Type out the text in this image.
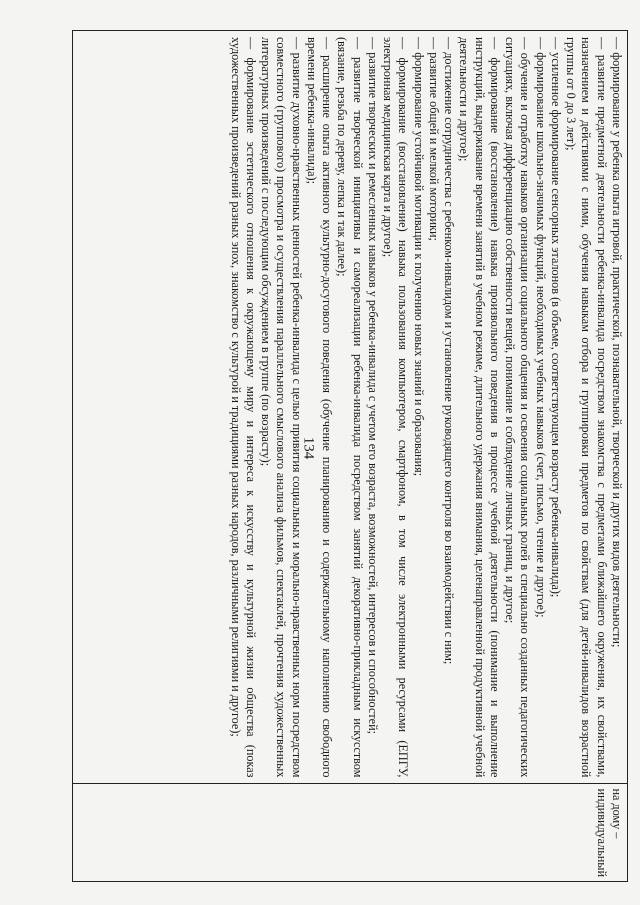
134	— формирование у ребенка опыта игровой, практической, познавательной, творческой и других видов деятельности;

— развитие предметной деятельности ребенка-инвалида посредством знакомства с предметами ближайшего окружения, их свойствами, назначением и действиями с ними, обучения навыкам отбора и группировки предметов по свойствам (для детей-инвалидов возрастной группы от 0 до 3 лет);

— усиленное формирование сенсорных эталонов (в объеме, соответствующем возрасту ребенка-инвалида);

— формирование школьно-значимых функций, необходимых учебных навыков (счет, письмо, чтение и другое);

— обучение и отработку навыков организации социального общения и освоения социальных ролей в специально созданных педагогических ситуациях, включая дифференциацию собственности вещей, понимание и соблюдение личных границ, и другое;

— формирование (восстановление) навыка произвольного поведения в процессе учебной деятельности (понимание и выполнение инструкций, выдерживание времени занятий в учебном режиме, длительного удержания внимания, целенаправленной продуктивной учебной деятельности и другое);

— достижение сотрудничества с ребенком-инвалидом и установление руководящего контроля во взаимодействии с ним;

— развитие общей и мелкой моторики;

— формирование устойчивой мотивации к получению новых знаний и образования;

— формирование (восстановление) навыка пользования компьютером, смартфоном, в том числе электронными ресурсами (ЕПГУ, электронная медицинская карта и другое);

— развитие творческих и ремесленных навыков у ребенка-инвалида с учетом его возраста, возможностей, интересов и способностей;

— развитие творческой инициативы и самореализации ребенка-инвалида посредством занятий декоративно-прикладным искусством (вязание, резьба по дереву, лепка и так далее);

— расширение опыта активного культурно-досугового поведения (обучение планированию и содержательному наполнению свободного времени ребенка-инвалида);

— развитие духовно-нравственных ценностей ребенка-инвалида с целью привития социальных и морально-нравственных норм посредством совместного (группового) просмотра и осуществления параллельного смыслового анализа фильмов, спектаклей, прочтения художественных литературных произведений с последующим обсуждением в группе (по возрасту);

— формирование эстетического отношения к окружающему миру и интереса к искусству и культурной жизни общества (показ художественных произведений разных эпох, знакомство с культурой и традициями разных народов, различными религиями и другое);

на дому – индивидуальный
